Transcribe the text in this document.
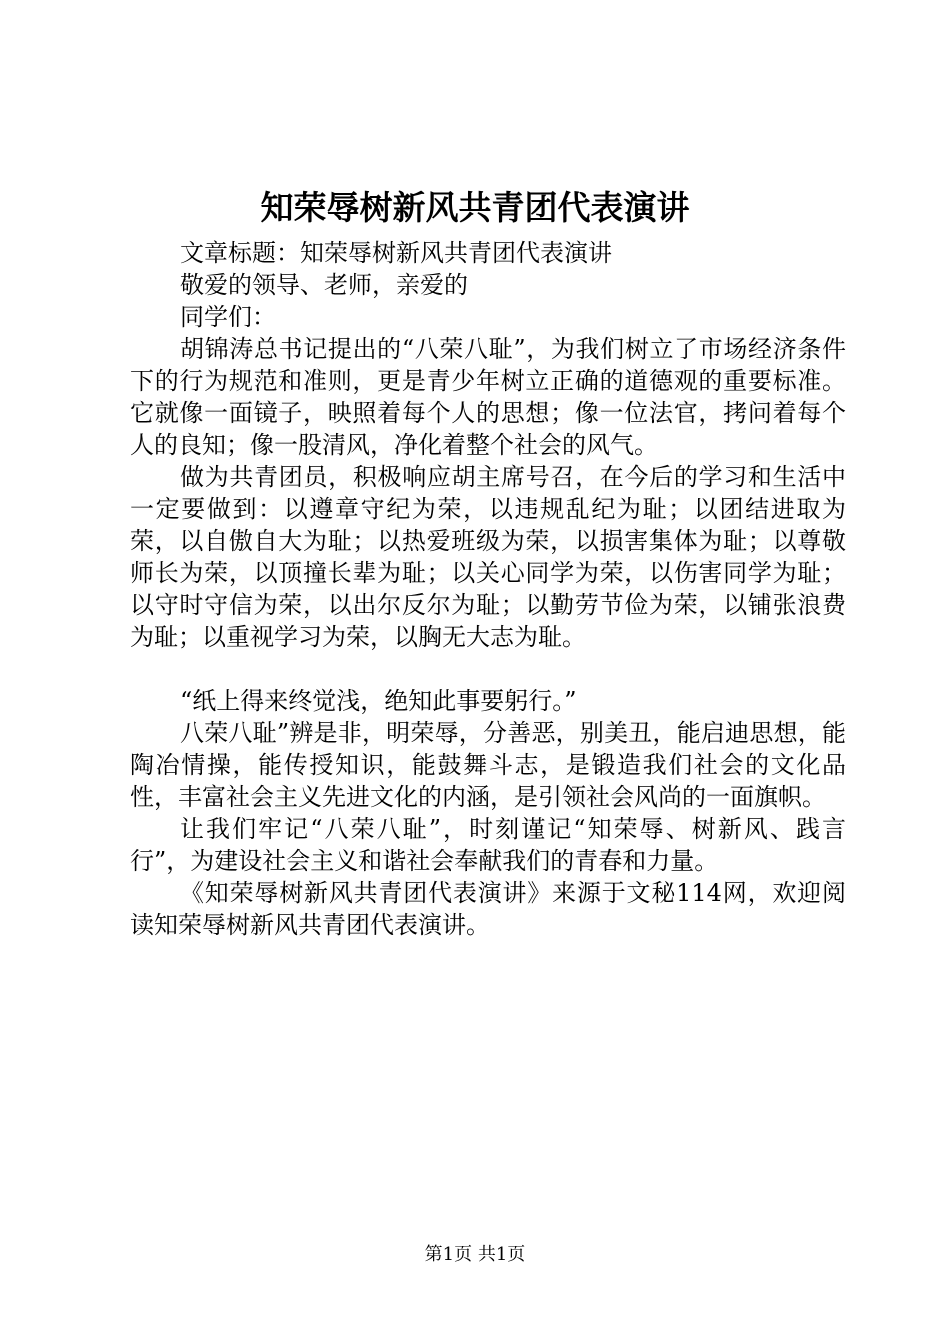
知荣辱树新风共青团代表演讲

文章标题：知荣辱树新风共青团代表演讲

敬爱的领导、老师，亲爱的

同学们：

胡锦涛总书记提出的“八荣八耻”，为我们树立了市场经济条件下的行为规范和准则，更是青少年树立正确的道德观的重要标准。它就像一面镜子，映照着每个人的思想；像一位法官，拷问着每个人的良知；像一股清风，净化着整个社会的风气。

做为共青团员，积极响应胡主席号召，在今后的学习和生活中一定要做到：以遵章守纪为荣，以违规乱纪为耻；以团结进取为荣，以自傲自大为耻；以热爱班级为荣，以损害集体为耻；以尊敬师长为荣，以顶撞长辈为耻；以关心同学为荣，以伤害同学为耻；以守时守信为荣，以出尔反尔为耻；以勤劳节俭为荣，以铺张浪费为耻；以重视学习为荣，以胸无大志为耻。

“纸上得来终觉浅，绝知此事要躬行。”

八荣八耻”辨是非，明荣辱，分善恶，别美丑，能启迪思想，能陶冶情操，能传授知识，能鼓舞斗志，是锻造我们社会的文化品性，丰富社会主义先进文化的内涵，是引领社会风尚的一面旗帜。

让我们牢记“八荣八耻”，时刻谨记“知荣辱、树新风、践言行”，为建设社会主义和谐社会奉献我们的青春和力量。

《知荣辱树新风共青团代表演讲》来源于文秘114网，欢迎阅读知荣辱树新风共青团代表演讲。

第1页 共1页
